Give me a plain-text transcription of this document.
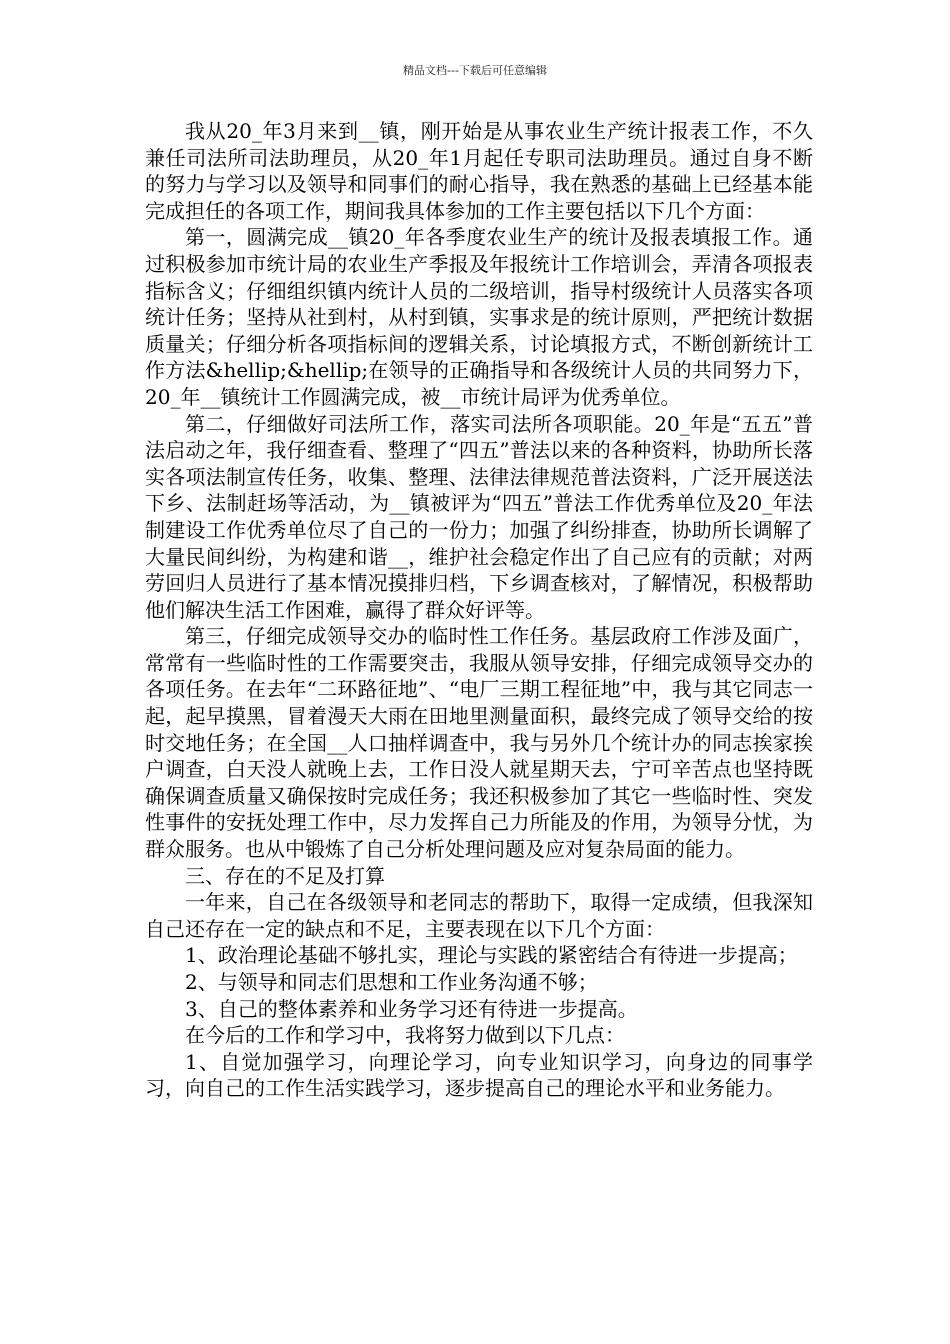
精品文档---下载后可任意编辑

我从20_年3月来到__镇，刚开始是从事农业生产统计报表工作，不久兼任司法所司法助理员，从20_年1月起任专职司法助理员。通过自身不断的努力与学习以及领导和同事们的耐心指导，我在熟悉的基础上已经基本能完成担任的各项工作，期间我具体参加的工作主要包括以下几个方面：

第一，圆满完成__镇20_年各季度农业生产的统计及报表填报工作。通过积极参加市统计局的农业生产季报及年报统计工作培训会，弄清各项报表指标含义；仔细组织镇内统计人员的二级培训，指导村级统计人员落实各项统计任务；坚持从社到村，从村到镇，实事求是的统计原则，严把统计数据质量关；仔细分析各项指标间的逻辑关系，讨论填报方式，不断创新统计工作方法&hellip;&hellip;在领导的正确指导和各级统计人员的共同努力下，20_年__镇统计工作圆满完成，被__市统计局评为优秀单位。

第二，仔细做好司法所工作，落实司法所各项职能。20_年是“五五”普法启动之年，我仔细查看、整理了“四五”普法以来的各种资料，协助所长落实各项法制宣传任务，收集、整理、法律法律规范普法资料，广泛开展送法下乡、法制赶场等活动，为__镇被评为“四五”普法工作优秀单位及20_年法制建设工作优秀单位尽了自己的一份力；加强了纠纷排查，协助所长调解了大量民间纠纷，为构建和谐__，维护社会稳定作出了自己应有的贡献；对两劳回归人员进行了基本情况摸排归档，下乡调查核对，了解情况，积极帮助他们解决生活工作困难，赢得了群众好评等。

第三，仔细完成领导交办的临时性工作任务。基层政府工作涉及面广，常常有一些临时性的工作需要突击，我服从领导安排，仔细完成领导交办的各项任务。在去年“二环路征地”、“电厂三期工程征地”中，我与其它同志一起，起早摸黑，冒着漫天大雨在田地里测量面积，最终完成了领导交给的按时交地任务；在全国__人口抽样调查中，我与另外几个统计办的同志挨家挨户调查，白天没人就晚上去，工作日没人就星期天去，宁可辛苦点也坚持既确保调查质量又确保按时完成任务；我还积极参加了其它一些临时性、突发性事件的安抚处理工作中，尽力发挥自己力所能及的作用，为领导分忧，为群众服务。也从中锻炼了自己分析处理问题及应对复杂局面的能力。

三、存在的不足及打算

一年来，自己在各级领导和老同志的帮助下，取得一定成绩，但我深知自己还存在一定的缺点和不足，主要表现在以下几个方面：

1、政治理论基础不够扎实，理论与实践的紧密结合有待进一步提高；

2、与领导和同志们思想和工作业务沟通不够；

3、自己的整体素养和业务学习还有待进一步提高。

在今后的工作和学习中，我将努力做到以下几点：

1、自觉加强学习，向理论学习，向专业知识学习，向身边的同事学习，向自己的工作生活实践学习，逐步提高自己的理论水平和业务能力。
